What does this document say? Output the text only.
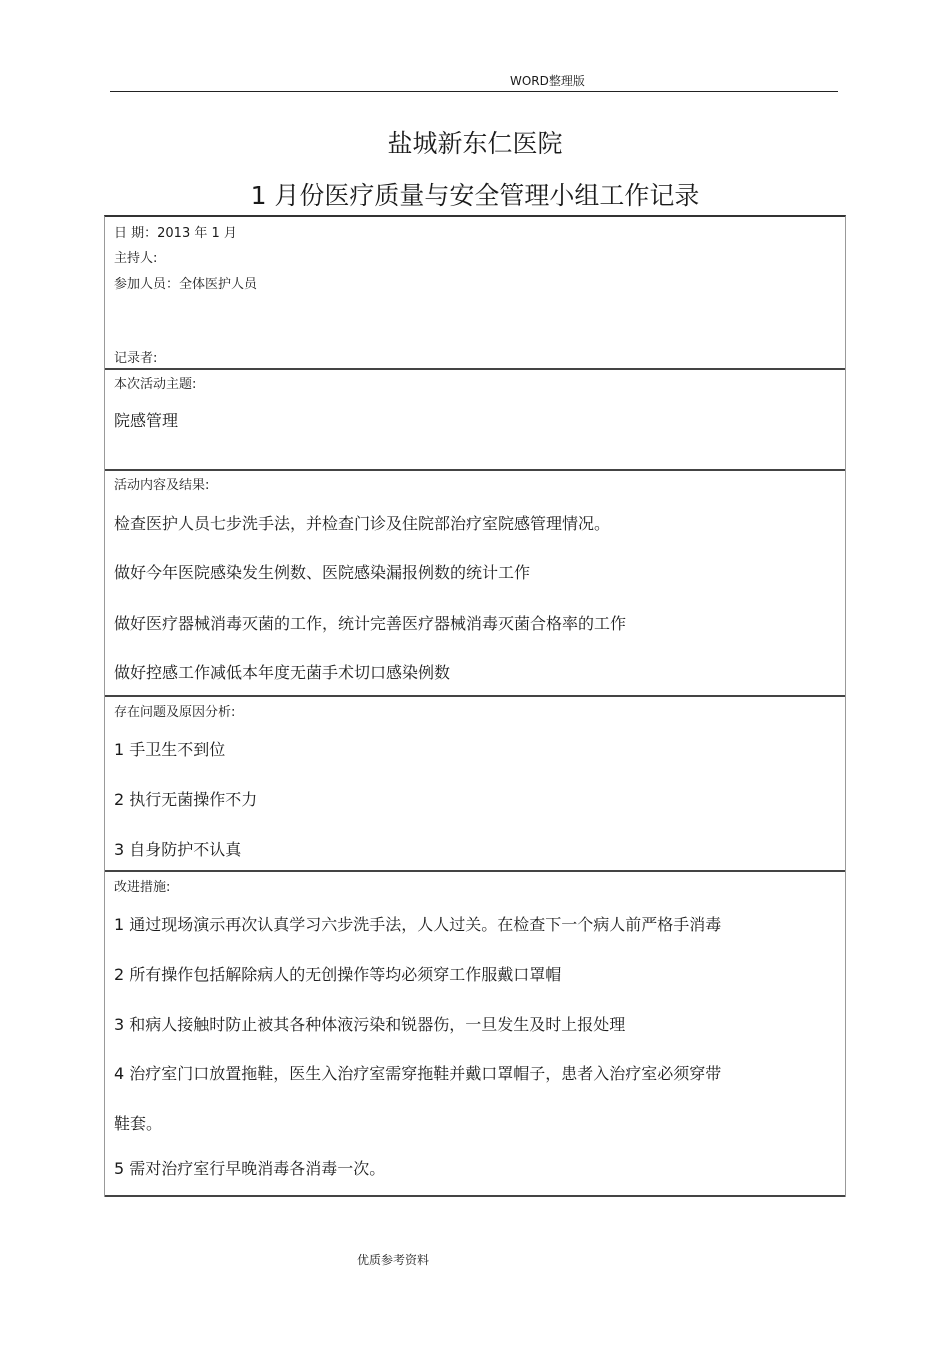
WORD整理版
盐城新东仁医院
1 月份医疗质量与安全管理小组工作记录
日 期：2013 年 1 月
主持人:
参加人员：全体医护人员
记录者:
本次活动主题:
院感管理
活动内容及结果:
检查医护人员七步洗手法，并检查门诊及住院部治疗室院感管理情况。
做好今年医院感染发生例数、医院感染漏报例数的统计工作
做好医疗器械消毒灭菌的工作，统计完善医疗器械消毒灭菌合格率的工作
做好控感工作减低本年度无菌手术切口感染例数
存在问题及原因分析:
1 手卫生不到位
2 执行无菌操作不力
3 自身防护不认真
改进措施:
1 通过现场演示再次认真学习六步洗手法，人人过关。在检查下一个病人前严格手消毒
2 所有操作包括解除病人的无创操作等均必须穿工作服戴口罩帽
3 和病人接触时防止被其各种体液污染和锐器伤，一旦发生及时上报处理
4 治疗室门口放置拖鞋，医生入治疗室需穿拖鞋并戴口罩帽子，患者入治疗室必须穿带
鞋套。
5 需对治疗室行早晚消毒各消毒一次。
优质参考资料
